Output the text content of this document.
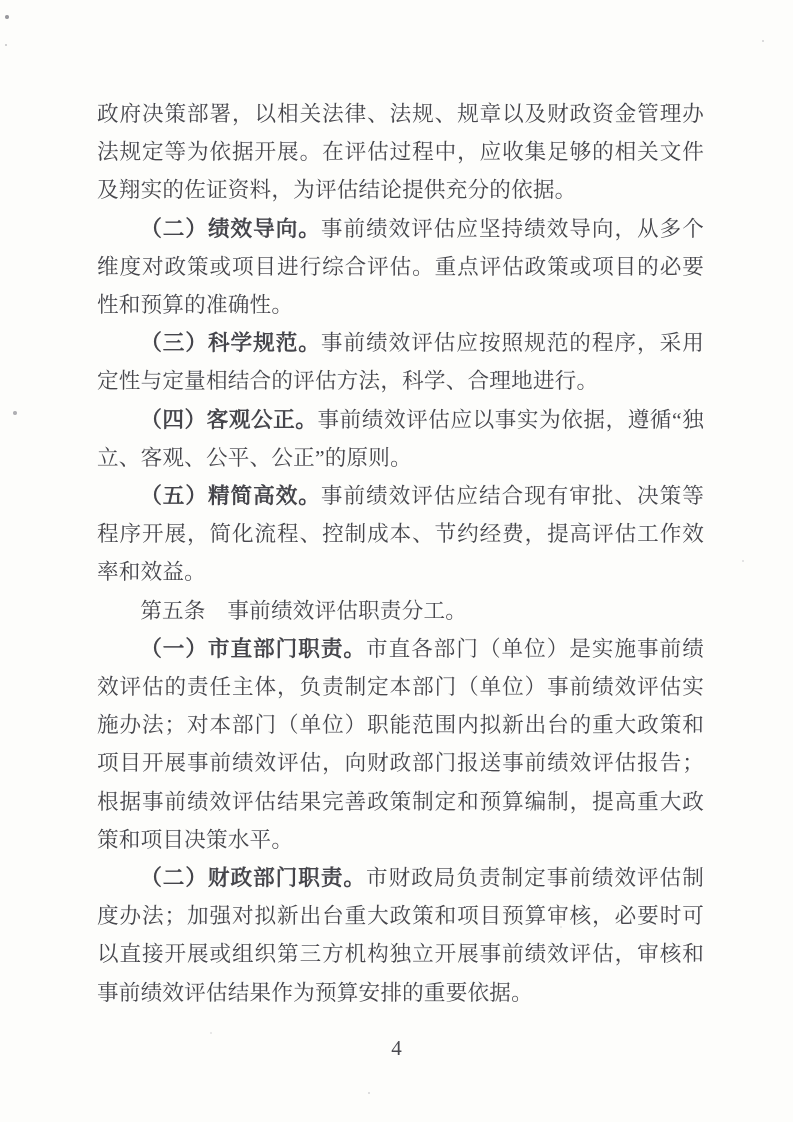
政府决策部署，以相关法律、法规、规章以及财政资金管理办法规定等为依据开展。在评估过程中，应收集足够的相关文件及翔实的佐证资料，为评估结论提供充分的依据。

（二）绩效导向。事前绩效评估应坚持绩效导向，从多个维度对政策或项目进行综合评估。重点评估政策或项目的必要性和预算的准确性。

（三）科学规范。事前绩效评估应按照规范的程序，采用定性与定量相结合的评估方法，科学、合理地进行。

（四）客观公正。事前绩效评估应以事实为依据，遵循“独立、客观、公平、公正”的原则。

（五）精简高效。事前绩效评估应结合现有审批、决策等程序开展，简化流程、控制成本、节约经费，提高评估工作效率和效益。

第五条　事前绩效评估职责分工。

（一）市直部门职责。市直各部门（单位）是实施事前绩效评估的责任主体，负责制定本部门（单位）事前绩效评估实施办法；对本部门（单位）职能范围内拟新出台的重大政策和项目开展事前绩效评估，向财政部门报送事前绩效评估报告；根据事前绩效评估结果完善政策制定和预算编制，提高重大政策和项目决策水平。

（二）财政部门职责。市财政局负责制定事前绩效评估制度办法；加强对拟新出台重大政策和项目预算审核，必要时可以直接开展或组织第三方机构独立开展事前绩效评估，审核和事前绩效评估结果作为预算安排的重要依据。

4
